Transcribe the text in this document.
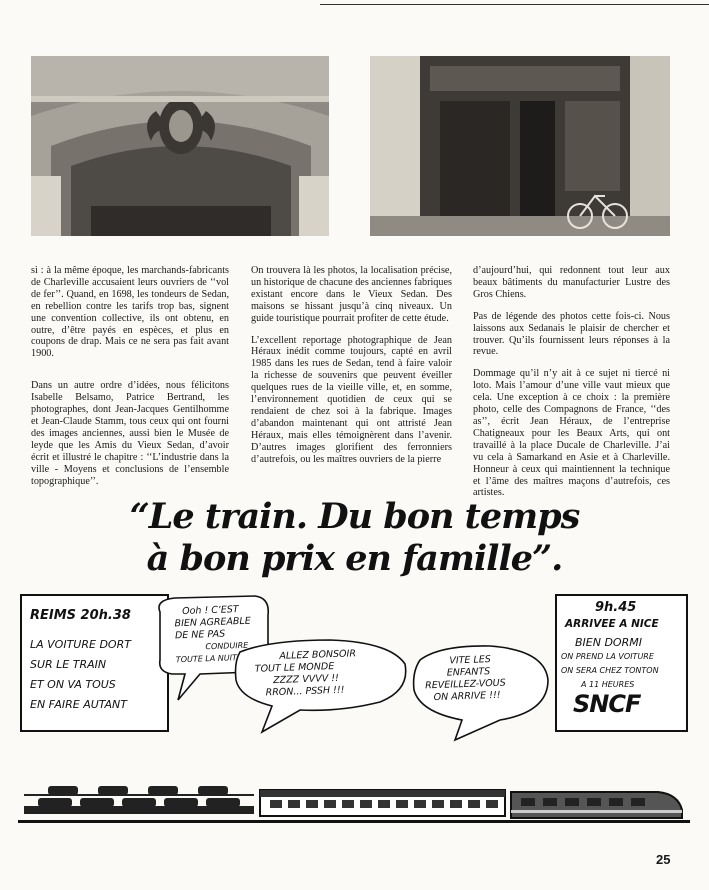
si : à la même époque, les marchands-fabricants de Charleville accusaient leurs ouvriers de ‘‘vol de fer’’. Quand, en 1698, les tondeurs de Sedan, en rebellion contre les tarifs trop bas, signent une convention collective, ils ont obtenu, en outre, d’être payés en espèces, et plus en coupons de drap. Mais ce ne sera pas fait avant 1900.

Dans un autre ordre d’idées, nous félicitons Isabelle Belsamo, Patrice Bertrand, les photographes, dont Jean-Jacques Gentilhomme et Jean-Claude Stamm, tous ceux qui ont fourni des images anciennes, aussi bien le Musée de leyde que les Amis du Vieux Sedan, d’avoir écrit et illustré le chapitre : ‘‘L’industrie dans la ville - Moyens et conclusions de l’ensemble topographique’’.

On trouvera là les photos, la localisation précise, un historique de chacune des anciennes fabriques existant encore dans le Vieux Sedan. Des maisons se hissant jusqu’à cinq niveaux. Un guide touristique pourrait profiter de cette étude.

L’excellent reportage photographique de Jean Héraux inédit comme toujours, capté en avril 1985 dans les rues de Sedan, tend à faire valoir la richesse de souvenirs que peuvent éveiller quelques rues de la vieille ville, et, en somme, l’environnement quotidien de ceux qui se rendaient de chez soi à la fabrique. Images d’abandon maintenant qui ont attristé Jean Héraux, mais elles témoignèrent dans l’avenir. D’autres images glorifient des ferronniers d’autrefois, ou les maîtres ouvriers de la pierre

d’aujourd’hui, qui redonnent tout leur aux beaux bâtiments du manufacturier Lustre des Gros Chiens.

Pas de légende des photos cette fois-ci. Nous laissons aux Sedanais le plaisir de chercher et trouver. Qu’ils fournissent leurs réponses à la revue.

Dommage qu’il n’y ait à ce sujet ni tiercé ni loto. Mais l’amour d’une ville vaut mieux que cela. Une exception à ce choix : la première photo, celle des Compagnons de France, ‘‘des as’’, écrit Jean Héraux, de l’entreprise Chatigneaux pour les Beaux Arts, qui ont travaillé à la place Ducale de Charleville. J’ai vu cela à Samarkand en Asie et à Charleville. Honneur à ceux qui maintiennent la technique et l’âme des maîtres maçons d’autrefois, ces artistes.

“Le train. Du bon temps
à bon prix en famille”.
REIMS 20h.38
LA VOITURE DORT
SUR LE TRAIN
ET ON VA TOUS
EN FAIRE AUTANT
Ooh ! C’EST
BIEN AGREABLE
DE NE PAS
CONDUIRE
TOUTE LA NUIT	ALLEZ BONSOIR
TOUT LE MONDE
ZZZZ VVVV !!
RRON... PSSH !!!
VITE LES
ENFANTS
REVEILLEZ-VOUS
ON ARRIVE !!!
9h.45
ARRIVEE A NICE
BIEN DORMI
ON PREND LA VOITURE
ON SERA CHEZ TONTON
A 11 HEURES
SNCF
25
